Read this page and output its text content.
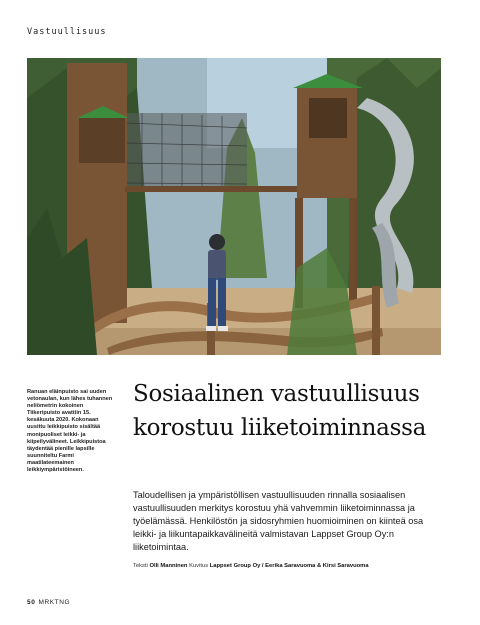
Vastuullisuus
Ranuan eläinpuisto sai uuden vetonaulan, kun lähes tuhannen neliömetrin kokoinen Tiikeripuisto avattiin 15. kesäkuuta 2020. Kokonaan uusittu leikkipuisto sisältää monipuoliset leikki- ja kiipeilyvälineet. Leikkipuistoa täydentää pienille lapsille suunniteltu Farmi maatilateemainen leikkiympäristöineen.
Sosiaalinen vastuullisuus korostuu liiketoiminnassa

Taloudellisen ja ympäristöllisen vastuullisuuden rinnalla sosiaalisen vastuullisuuden merkitys korostuu yhä vahvemmin liiketoiminnassa ja työelämässä. Henkilöstön ja sidosryhmien huomioiminen on kiinteä osa leikki- ja liikuntapaikkavälineitä valmistavan Lappset Group Oy:n liiketoimintaa.

Teksti Olli Manninen Kuvitus Lappset Group Oy / Eerika Saravuoma & Kirsi Saravuoma
50 MRKTNG
